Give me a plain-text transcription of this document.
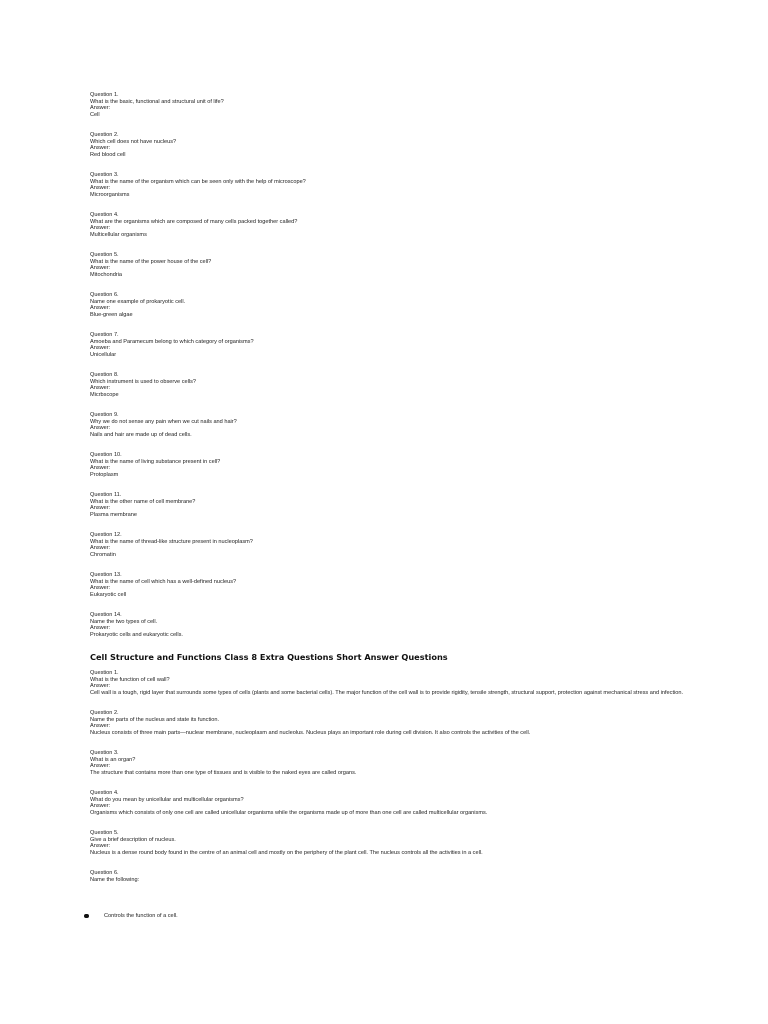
Question 1.
What is the basic, functional and structural unit of life?
Answer:
Cell
Question 2.
Which cell does not have nucleus?
Answer:
Red blood cell
Question 3.
What is the name of the organism which can be seen only with the help of microscope?
Answer:
Microorganisms
Question 4.
What are the organisms which are composed of many cells packed together called?
Answer:
Multicellular organisms
Question 5.
What is the name of the power house of the cell?
Answer:
Mitochondria
Question 6.
Name one example of prokaryotic cell.
Answer:
Blue-green algae
Question 7.
Amoeba and Paramecum belong to which category of organisms?
Answer:
Unicellular
Question 8.
Which instrument is used to observe cells?
Answer:
Micrbscope
Question 9.
Why we do not sense any pain when we cut nails and hair?
Answer:
Nails and hair are made up of dead cells.
Question 10.
What is the name of living substance present in cell?
Answer:
Protoplasm
Question 11.
What is the other name of cell membrane?
Answer:
Plasma membrane
Question 12.
What is the name of thread-like structure present in nucleoplasm?
Answer:
Chromatin
Question 13.
What is the name of cell which has a well-defined nucleus?
Answer:
Eukaryotic cell
Question 14.
Name the two types of cell.
Answer:
Prokaryotic cells and eukaryotic cells.
Cell Structure and Functions Class 8 Extra Questions Short Answer Questions
Question 1.
What is the function of cell wall?
Answer:
Cell wall is a tough, rigid layer that surrounds some types of cells (plants and some bacterial cells). The major function of the cell wall is to provide rigidity, tensile strength, structural support, protection against mechanical stress and infection.
Question 2.
Name the parts of the nucleus and state its function.
Answer:
Nucleus consists of three main parts—nuclear membrane, nucleoplasm and nucleolus. Nucleus plays an important role during cell division. It also controls the activities of the cell.
Question 3.
What is an organ?
Answer:
The structure that contains more than one type of tissues and is visible to the naked eyes are called organs.
Question 4.
What do you mean by unicellular and multicellular organisms?
Answer:
Organisms which consists of only one cell are called unicellular organisms while the organisms made up of more than one cell are called multicellular organisms.
Question 5.
Give a brief description of nucleus.
Answer:
Nucleus is a dense round body found in the centre of an animal cell and mostly on the periphery of the plant cell. The nucleus controls all the activities in a cell.
Question 6.
Name the following:
Controls the function of a cell.
